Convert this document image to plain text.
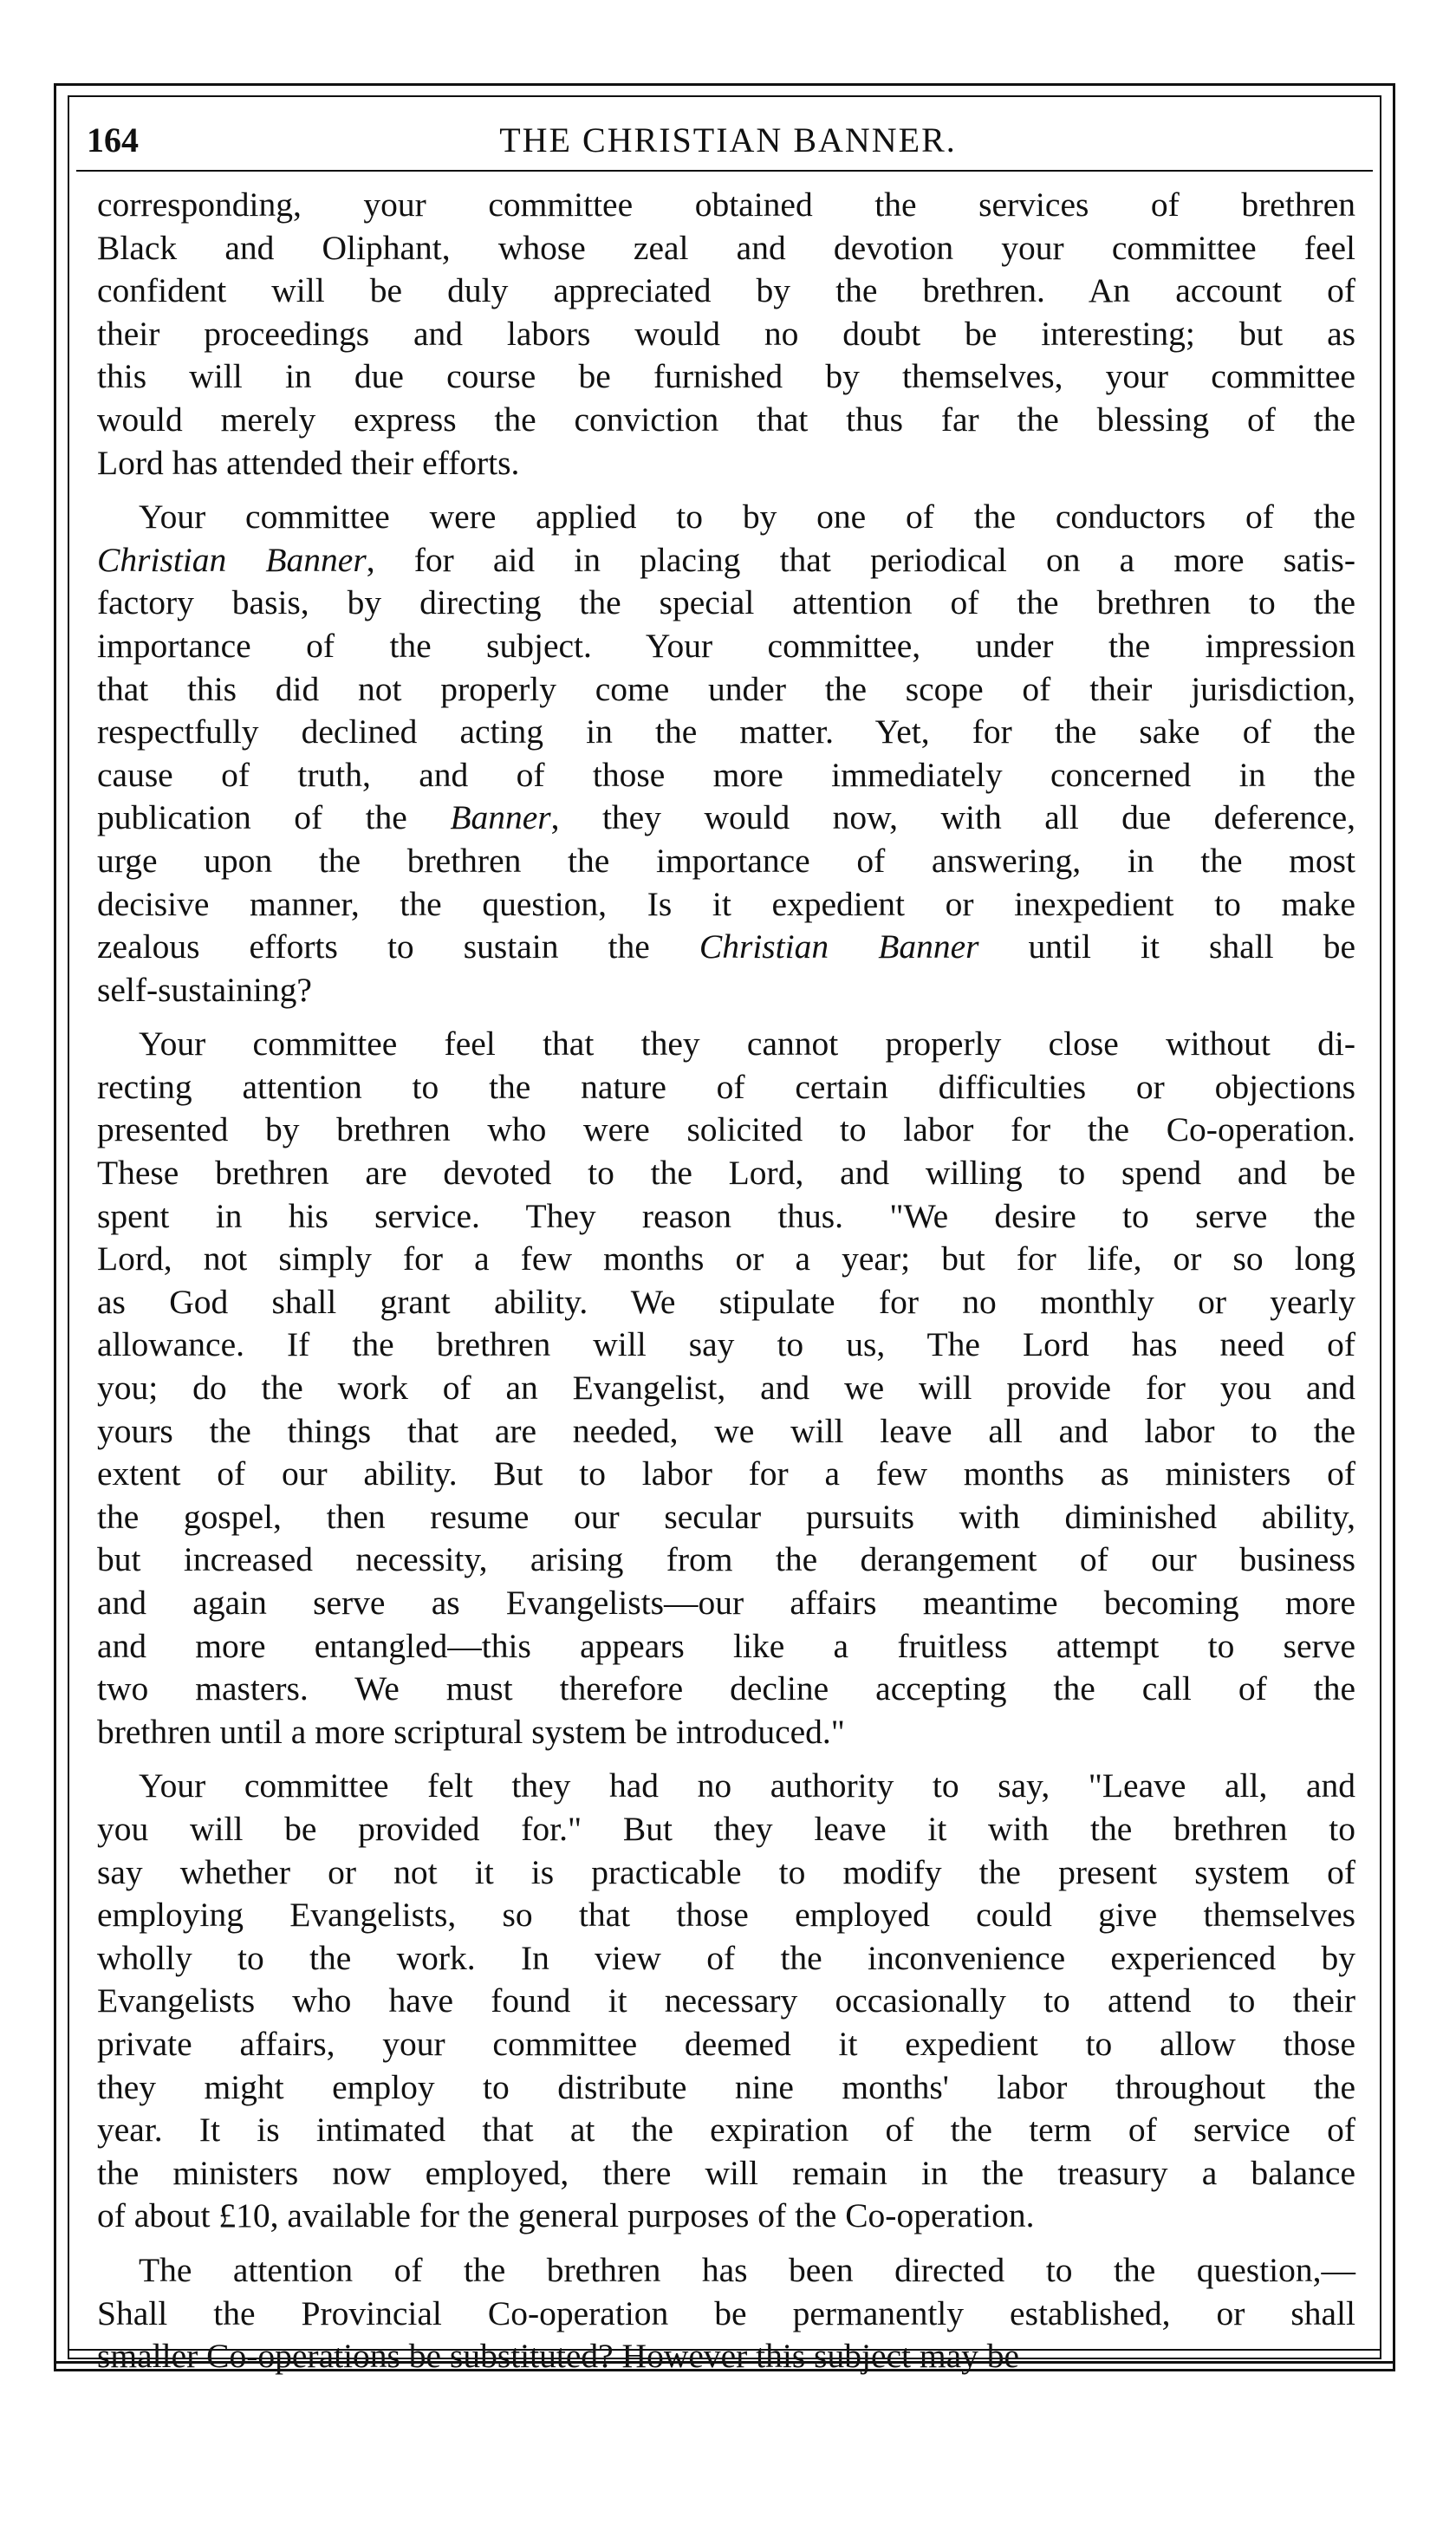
164	THE CHRISTIAN BANNER.

corresponding, your committee obtained the services of brethren
Black and Oliphant, whose zeal and devotion your committee feel
confident will be duly appreciated by the brethren. An account of
their proceedings and labors would no doubt be interesting; but as
this will in due course be furnished by themselves, your committee
would merely express the conviction that thus far the blessing of the
Lord has attended their efforts.

Your committee were applied to by one of the conductors of the
Christian Banner, for aid in placing that periodical on a more satis-
factory basis, by directing the special attention of the brethren to the
importance of the subject. Your committee, under the impression
that this did not properly come under the scope of their jurisdiction,
respectfully declined acting in the matter. Yet, for the sake of the
cause of truth, and of those more immediately concerned in the
publication of the Banner, they would now, with all due deference,
urge upon the brethren the importance of answering, in the most
decisive manner, the question, Is it expedient or inexpedient to make
zealous efforts to sustain the Christian Banner until it shall be
self-sustaining?

Your committee feel that they cannot properly close without di-
recting attention to the nature of certain difficulties or objections
presented by brethren who were solicited to labor for the Co-operation.
These brethren are devoted to the Lord, and willing to spend and be
spent in his service. They reason thus. "We desire to serve the
Lord, not simply for a few months or a year; but for life, or so long
as God shall grant ability. We stipulate for no monthly or yearly
allowance. If the brethren will say to us, The Lord has need of
you; do the work of an Evangelist, and we will provide for you and
yours the things that are needed, we will leave all and labor to the
extent of our ability. But to labor for a few months as ministers of
the gospel, then resume our secular pursuits with diminished ability,
but increased necessity, arising from the derangement of our business
and again serve as Evangelists—our affairs meantime becoming more
and more entangled—this appears like a fruitless attempt to serve
two masters. We must therefore decline accepting the call of the
brethren until a more scriptural system be introduced."

Your committee felt they had no authority to say, "Leave all, and
you will be provided for." But they leave it with the brethren to
say whether or not it is practicable to modify the present system of
employing Evangelists, so that those employed could give themselves
wholly to the work. In view of the inconvenience experienced by
Evangelists who have found it necessary occasionally to attend to their
private affairs, your committee deemed it expedient to allow those
they might employ to distribute nine months' labor throughout the
year. It is intimated that at the expiration of the term of service of
the ministers now employed, there will remain in the treasury a balance
of about £10, available for the general purposes of the Co-operation.

The attention of the brethren has been directed to the question,—
Shall the Provincial Co-operation be permanently established, or shall
smaller Co-operations be substituted? However this subject may be
